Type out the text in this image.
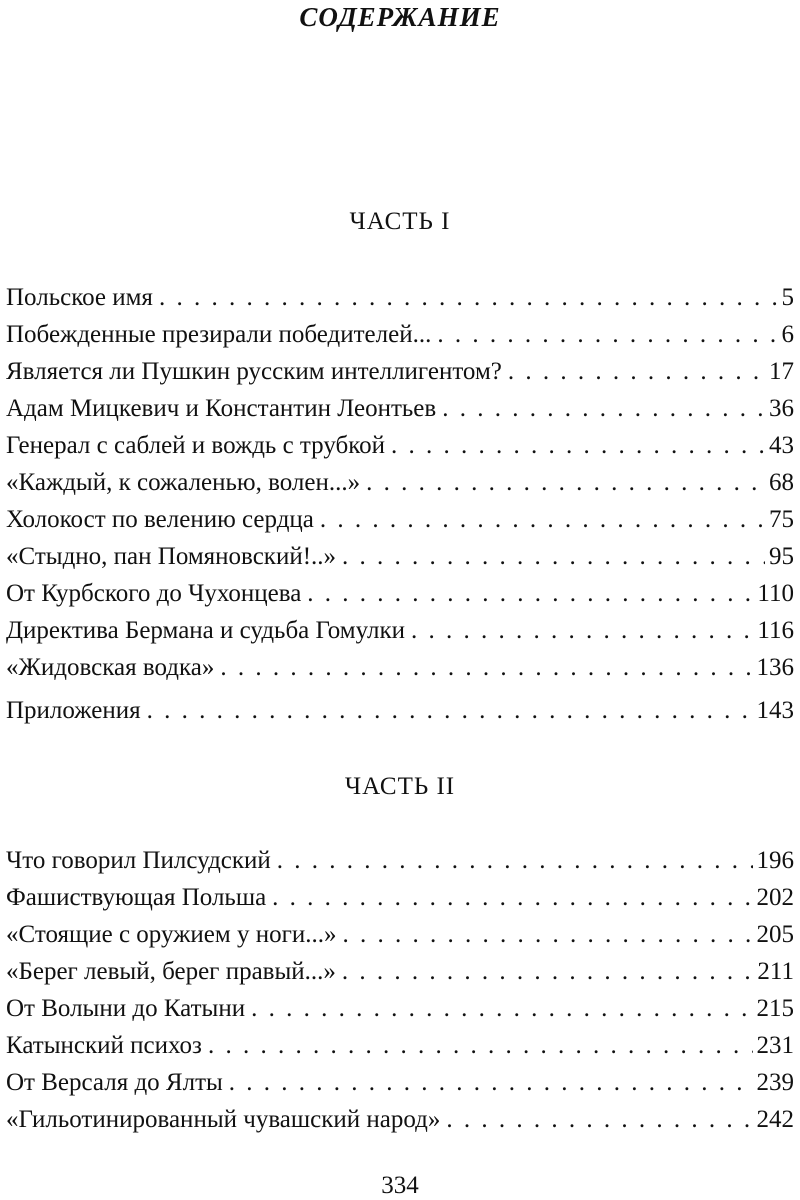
СОДЕРЖАНИЕ
ЧАСТЬ I
Польское имя . . .	5
Побежденные презирали победителей... . . .	6
Является ли Пушкин русским интеллигентом? . . .	17
Адам Мицкевич и Константин Леонтьев . . .	36
Генерал с саблей и вождь с трубкой . . .	43
«Каждый, к сожаленью, волен...» . . .	68
Холокост по велению сердца . . .	75
«Стыдно, пан Помяновский!..» . . .	95
От Курбского до Чухонцева . . .	110
Директива Бермана и судьба Гомулки . . .	116
«Жидовская водка» . . .	136
Приложения . . .	143
ЧАСТЬ II
Что говорил Пилсудский . . .	196
Фашиствующая Польша . . .	202
«Стоящие с оружием у ноги...» . . .	205
«Берег левый, берег правый...» . . .	211
От Волыни до Катыни . . .	215
Катынский психоз . . .	231
От Версаля до Ялты . . .	239
«Гильотинированный чувашский народ» . . .	242
334
